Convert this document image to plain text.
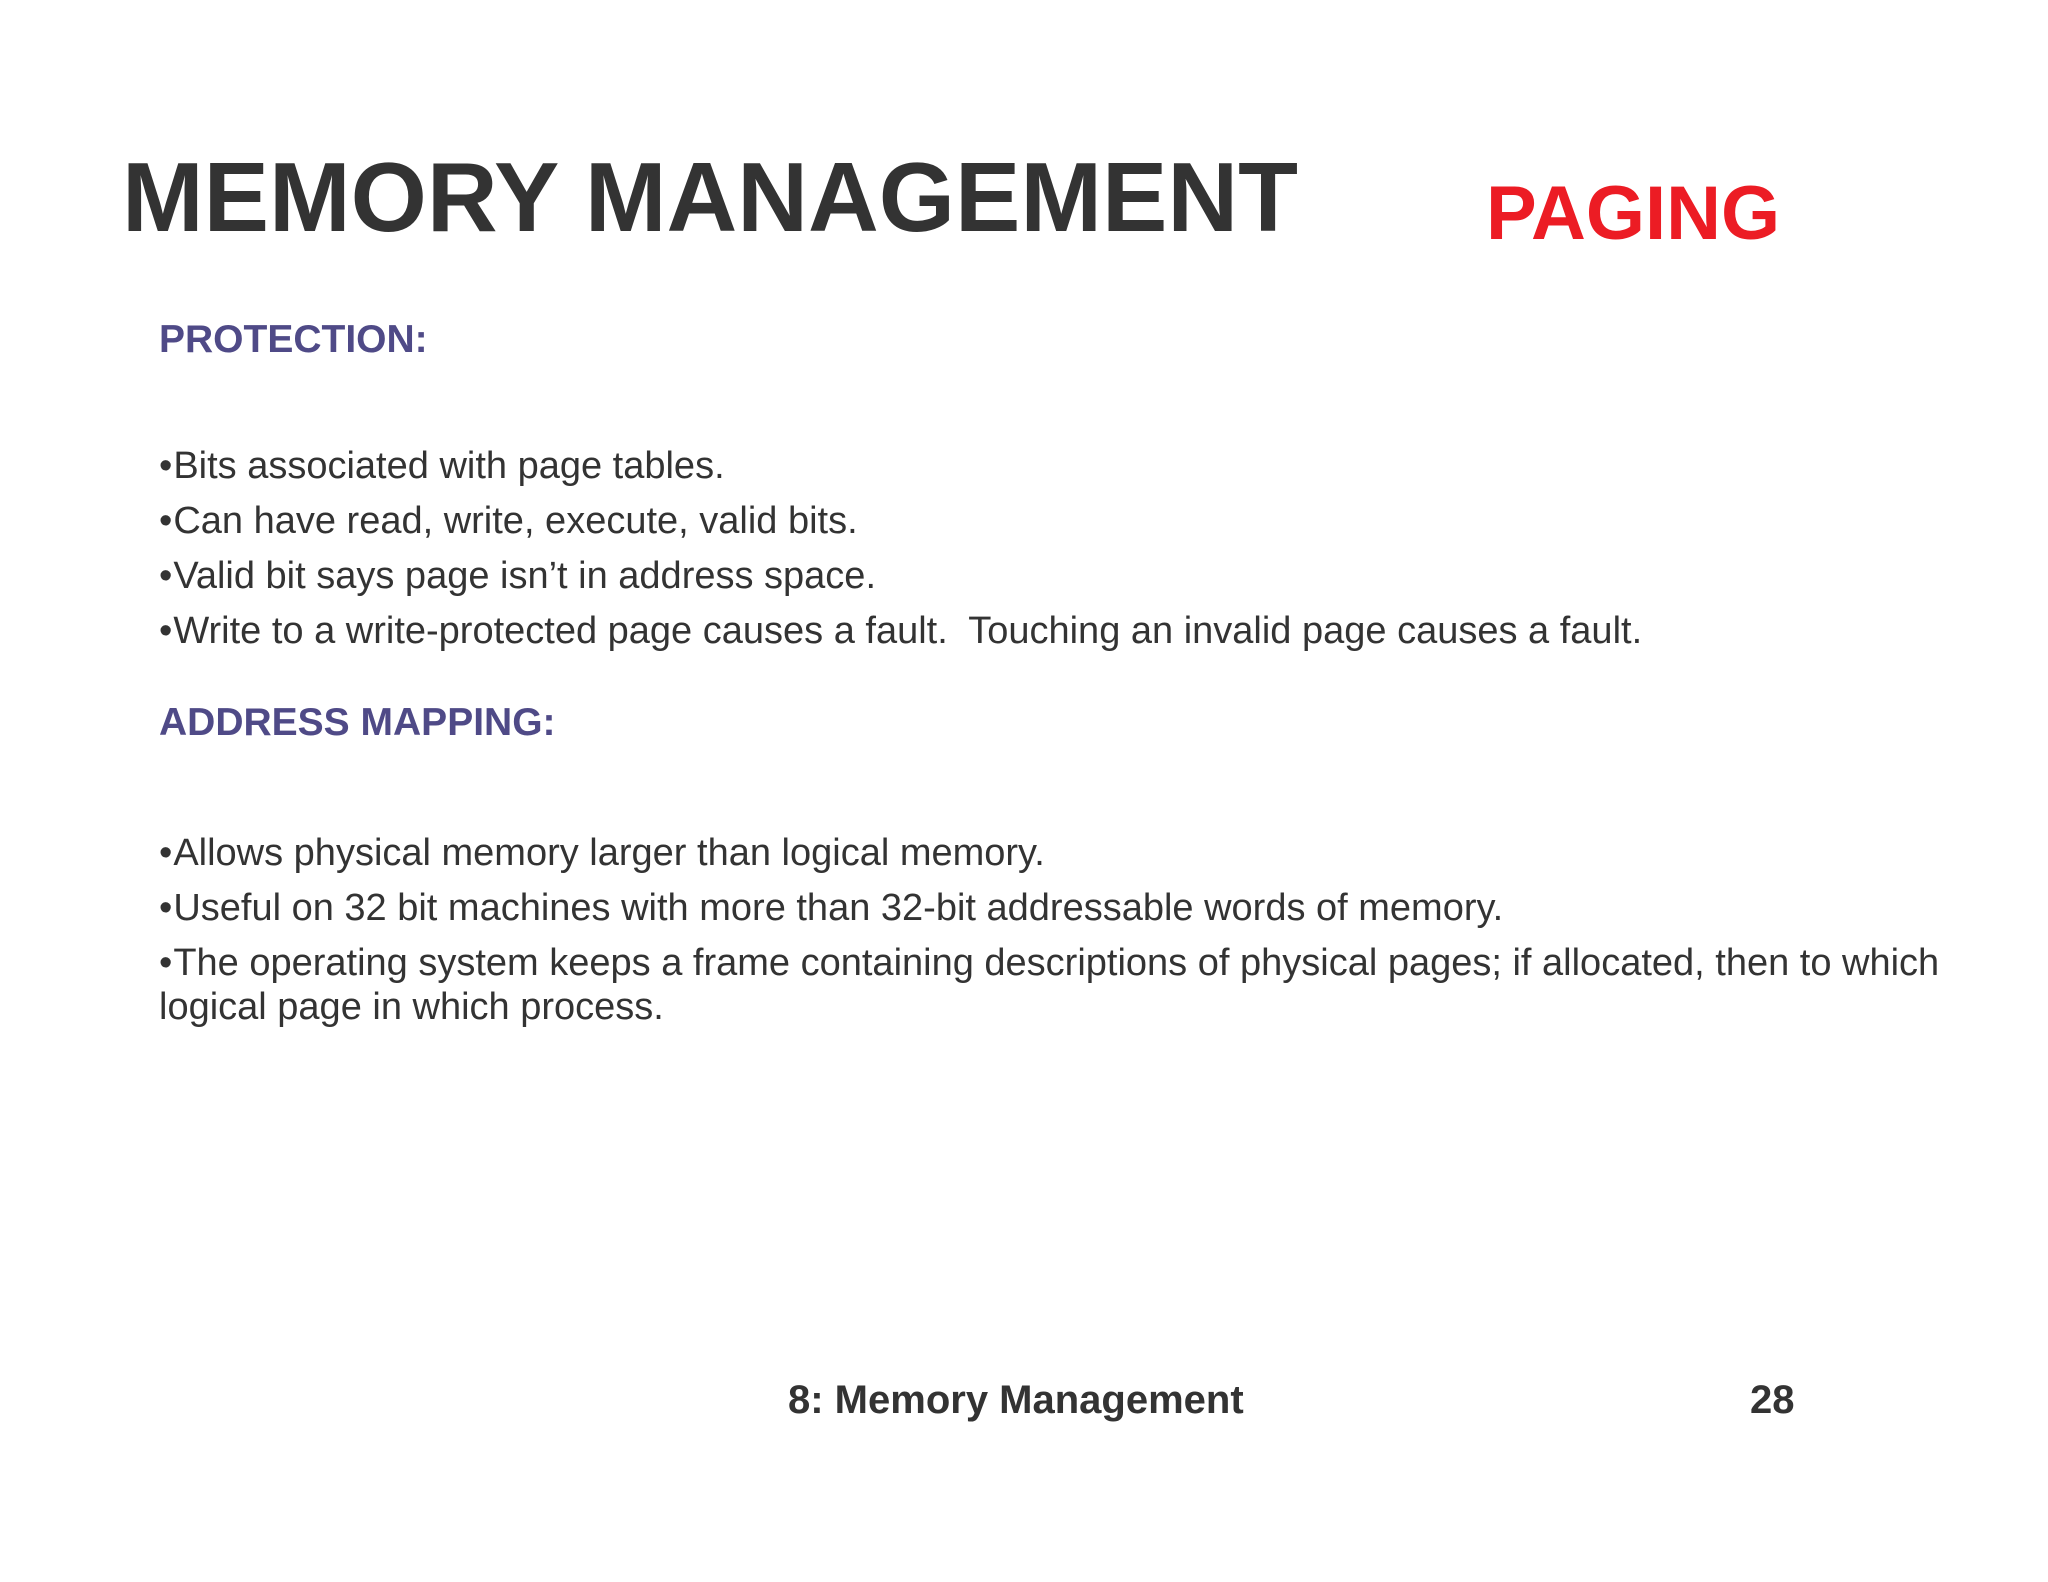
MEMORY MANAGEMENT PAGING
PROTECTION:
•Bits associated with page tables.
•Can have read, write, execute, valid bits.
•Valid bit says page isn’t in address space.
•Write to a write-protected page causes a fault.  Touching an invalid page causes a fault.
ADDRESS MAPPING:
•Allows physical memory larger than logical memory.
•Useful on 32 bit machines with more than 32-bit addressable words of memory.
•The operating system keeps a frame containing descriptions of physical pages; if allocated, then to which logical page in which process.
8: Memory Management	28
